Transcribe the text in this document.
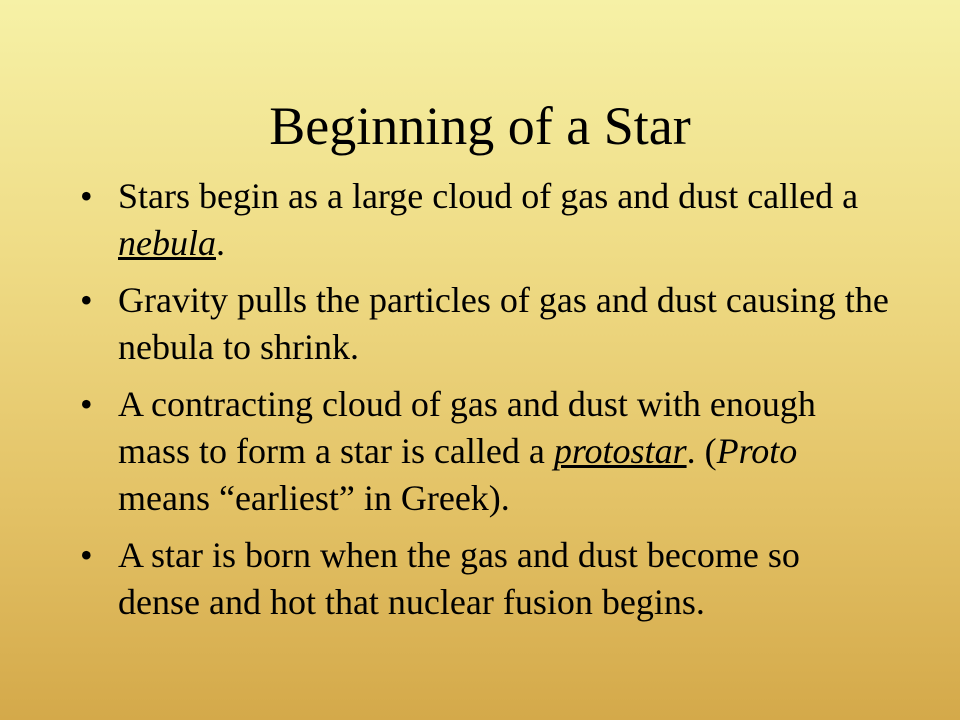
Beginning of a Star
• Stars begin as a large cloud of gas and dust called a nebula.
• Gravity pulls the particles of gas and dust causing the nebula to shrink.
• A contracting cloud of gas and dust with enough mass to form a star is called a protostar. (Proto means “earliest” in Greek).
• A star is born when the gas and dust become so dense and hot that nuclear fusion begins.
